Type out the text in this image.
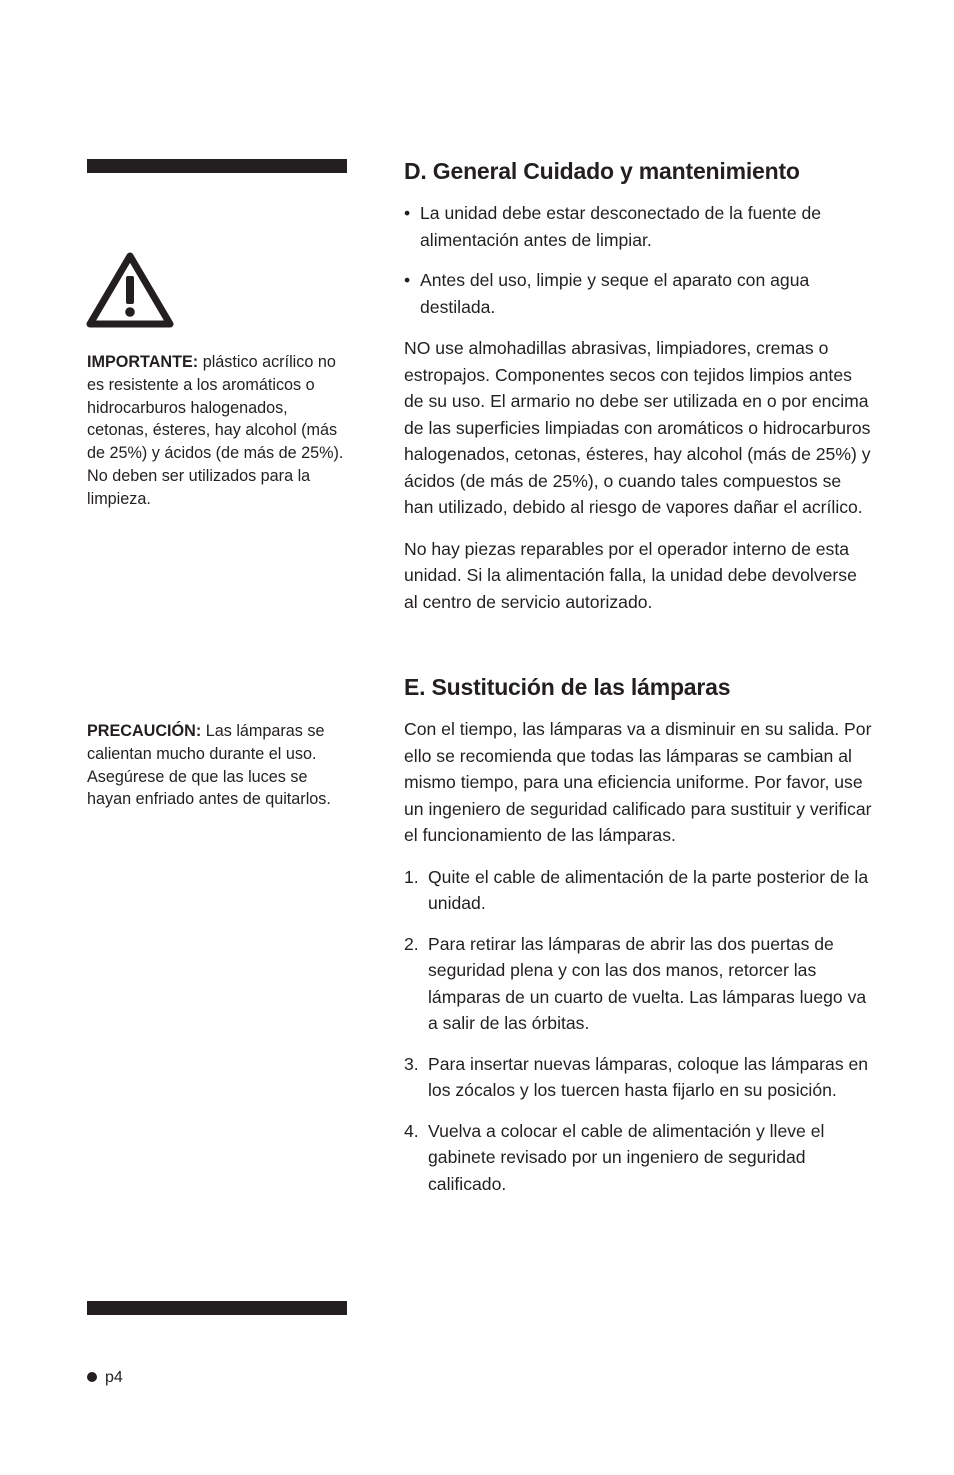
IMPORTANTE: plástico acrílico no es resistente a los aromáticos o hidrocarburos halogenados, cetonas, ésteres, hay alcohol (más de 25%) y ácidos (de más de 25%). No deben ser utilizados para la limpieza.
PRECAUCIÓN: Las lámparas se calientan mucho durante el uso. Asegúrese de que las luces se hayan enfriado antes de quitarlos.
D. General Cuidado y mantenimiento

• La unidad debe estar desconectado de la fuente de alimentación antes de limpiar.

• Antes del uso, limpie y seque el aparato con agua destilada.

NO use almohadillas abrasivas, limpiadores, cremas o estropajos. Componentes secos con tejidos limpios antes de su uso. El armario no debe ser utilizada en o por encima de las superficies limpiadas con aromáticos o hidrocarburos halogenados, cetonas, ésteres, hay alcohol (más de 25%) y ácidos (de más de 25%), o cuando tales compuestos se han utilizado, debido al riesgo de vapores dañar el acrílico.

No hay piezas reparables por el operador interno de esta unidad. Si la alimentación falla, la unidad debe devolverse al centro de servicio autorizado.

E. Sustitución de las lámparas

Con el tiempo, las lámparas va a disminuir en su salida. Por ello se recomienda que todas las lámparas se cambian al mismo tiempo, para una eficiencia uniforme. Por favor, use un ingeniero de seguridad calificado para sustituir y verificar el funcionamiento de las lámparas.

1. Quite el cable de alimentación de la parte posterior de la unidad.

2. Para retirar las lámparas de abrir las dos puertas de seguridad plena y con las dos manos, retorcer las lámparas de un cuarto de vuelta. Las lámparas luego va a salir de las órbitas.

3. Para insertar nuevas lámparas, coloque las lámparas en los zócalos y los tuercen hasta fijarlo en su posición.

4. Vuelva a colocar el cable de alimentación y lleve el gabinete revisado por un ingeniero de seguridad calificado.

p4
